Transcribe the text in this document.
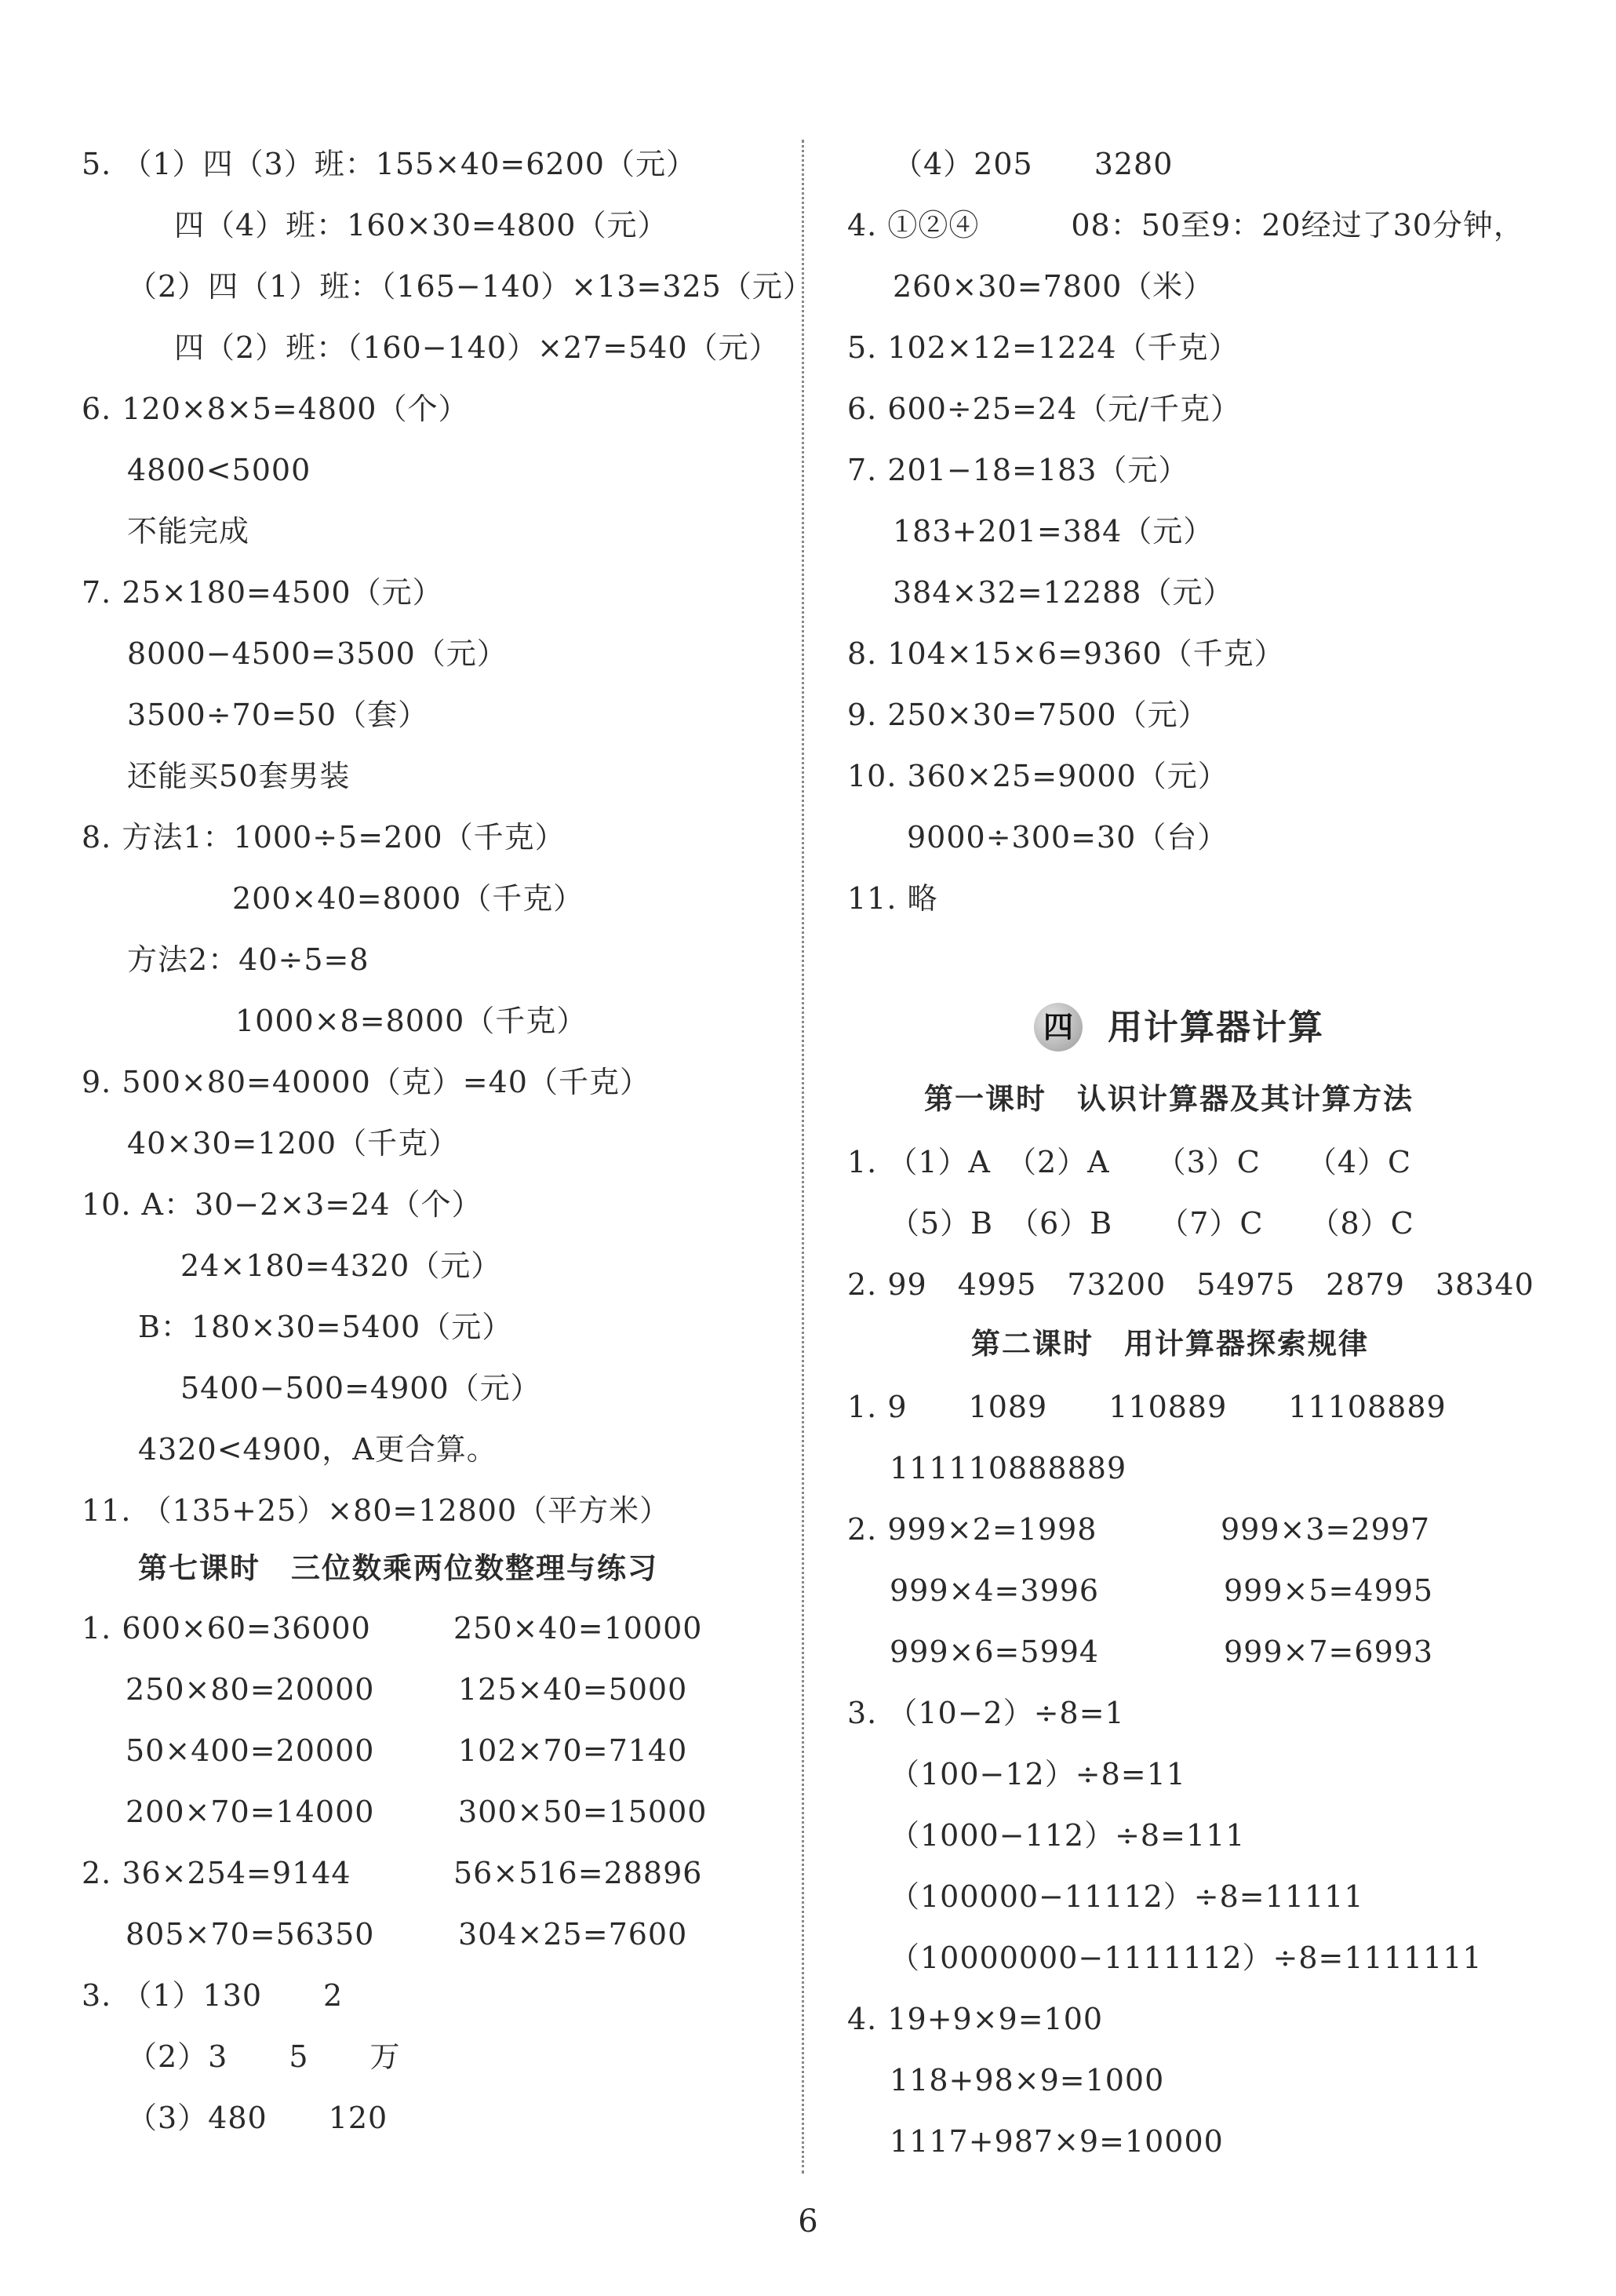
5. （1）四（3）班：155×40=6200（元）
四（4）班：160×30=4800（元）
（2）四（1）班：（165−140）×13=325（元）
四（2）班：（160−140）×27=540（元）
6. 120×8×5=4800（个）
4800<5000
不能完成
7. 25×180=4500（元）
8000−4500=3500（元）
3500÷70=50（套）
还能买50套男装
8. 方法1：1000÷5=200（千克）
200×40=8000（千克）
方法2：40÷5=8
1000×8=8000（千克）
9. 500×80=40000（克）=40（千克）
40×30=1200（千克）
10. A：30−2×3=24（个）
24×180=4320（元）
B：180×30=5400（元）
5400−500=4900（元）
4320<4900，A更合算。
11. （135+25）×80=12800（平方米）
第七课时　三位数乘两位数整理与练习
1. 600×60=36000	250×40=10000
250×80=20000	125×40=5000
50×400=20000	102×70=7140
200×70=14000	300×50=15000
2. 36×254=9144	56×516=28896
805×70=56350	304×25=7600
3. （1）130　　2
（2）3　　5　　万
（3）480　　120
（4）205　　3280
4. ①②④　　　08：50至9：20经过了30分钟，
260×30=7800（米）
5. 102×12=1224（千克）
6. 600÷25=24（元/千克）
7. 201−18=183（元）
183+201=384（元）
384×32=12288（元）
8. 104×15×6=9360（千克）
9. 250×30=7500（元）
10. 360×25=9000（元）
9000÷300=30（台）
11. 略
四 用计算器计算
第一课时　认识计算器及其计算方法
1. （1）A　（2）A　　（3）C　　（4）C
（5）B　（6）B　　（7）C　　（8）C
2. 99　4995　73200　54975　2879　38340
第二课时　用计算器探索规律
1. 9　　1089　　110889　　11108889
111110888889
2. 999×2=1998	999×3=2997
999×4=3996	999×5=4995
999×6=5994	999×7=6993
3. （10−2）÷8=1
（100−12）÷8=11
（1000−112）÷8=111
（100000−11112）÷8=11111
（10000000−1111112）÷8=1111111
4. 19+9×9=100
118+98×9=1000
1117+987×9=10000
6
